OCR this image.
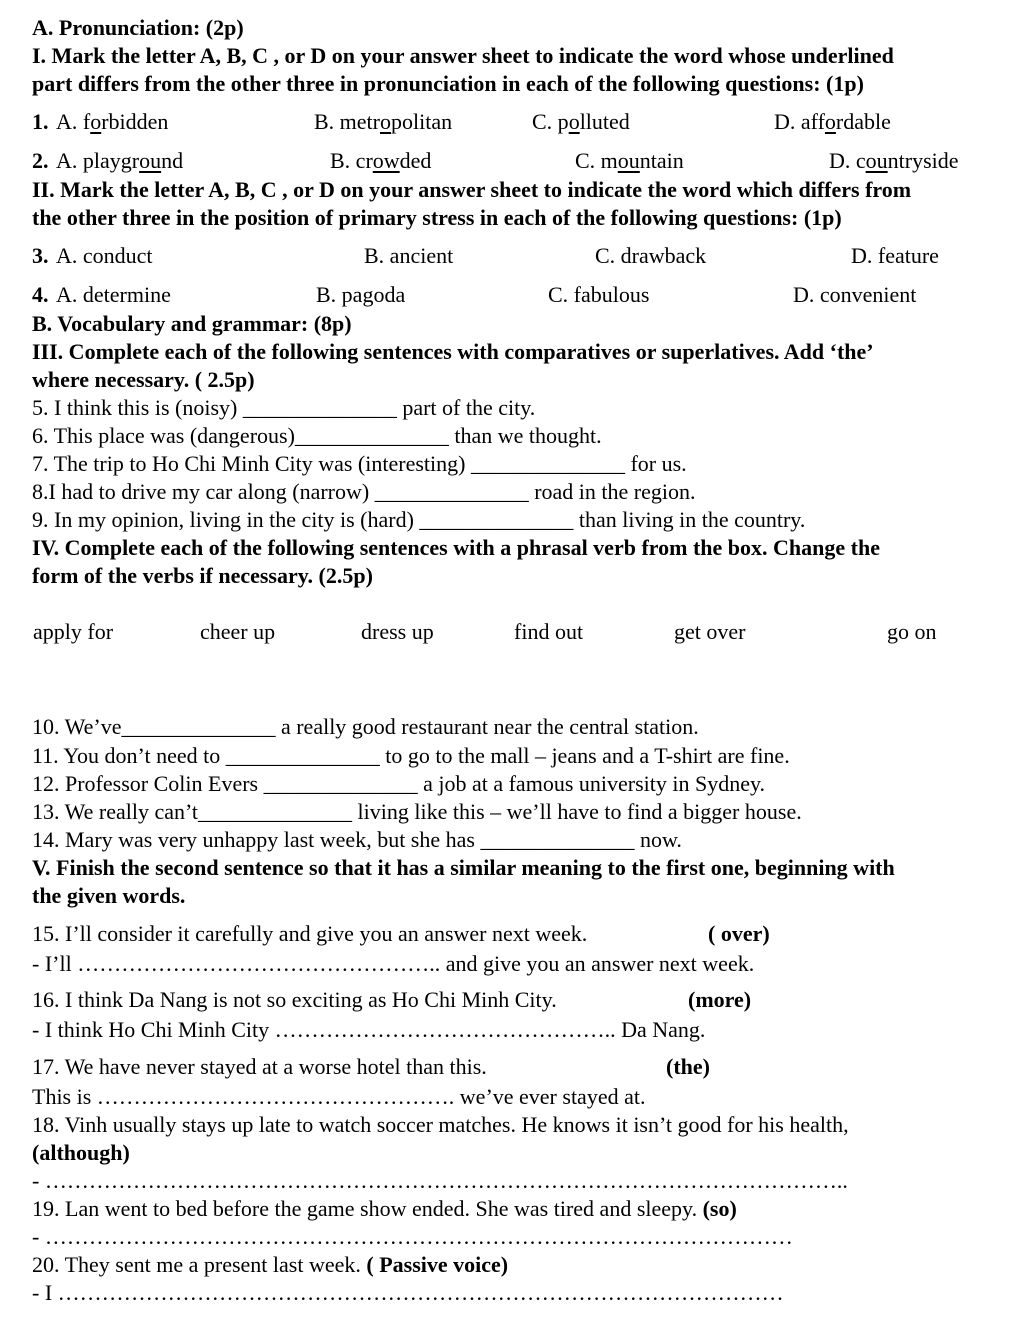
A. Pronunciation: (2p)
I. Mark the letter A, B, C , or D on your answer sheet to indicate the word whose underlined
part differs from the other three in pronunciation in each of the following questions: (1p)
1. A. forbidden	B. metropolitan	C. polluted	D. affordable
2. A. playground	B. crowded	C. mountain	D. countryside
II. Mark the letter A, B, C , or D on your answer sheet to indicate the word which differs from
the other three in the position of primary stress in each of the following questions: (1p)
3. A. conduct	B. ancient	C. drawback	D. feature
4. A. determine	B. pagoda	C. fabulous	D. convenient
B. Vocabulary and grammar: (8p)
III. Complete each of the following sentences with comparatives or superlatives. Add ‘the’
where necessary. ( 2.5p)
5. I think this is (noisy) ______________ part of the city.
6. This place was (dangerous)______________ than we thought.
7. The trip to Ho Chi Minh City was (interesting) ______________ for us.
8.I had to drive my car along (narrow) ______________ road in the region.
9. In my opinion, living in the city is (hard) ______________ than living in the country.
IV. Complete each of the following sentences with a phrasal verb from the box. Change the
form of the verbs if necessary. (2.5p)
apply for	cheer up	dress up	find out	get over	go on
10. We’ve______________ a really good restaurant near the central station.
11. You don’t need to ______________ to go to the mall – jeans and a T-shirt are fine.
12. Professor Colin Evers ______________ a job at a famous university in Sydney.
13. We really can’t______________ living like this – we’ll have to find a bigger house.
14. Mary was very unhappy last week, but she has ______________ now.
V. Finish the second sentence so that it has a similar meaning to the first one, beginning with
the given words.
15. I’ll consider it carefully and give you an answer next week.	( over)
- I’ll ………………………………………….. and give you an answer next week.
16. I think Da Nang is not so exciting as Ho Chi Minh City.	(more)
- I think Ho Chi Minh City ……………………………………….. Da Nang.
17. We have never stayed at a worse hotel than this.	(the)
This is …………………………………………. we’ve ever stayed at.
18. Vinh usually stays up late to watch soccer matches. He knows it isn’t good for his health,
(although)
- ………………………………………………………………………………………………..
19. Lan went to bed before the game show ended. She was tired and sleepy. (so)
- …………………………………………………………………………………………
20. They sent me a present last week. ( Passive voice)
- I ………………………………………………………………………………………
